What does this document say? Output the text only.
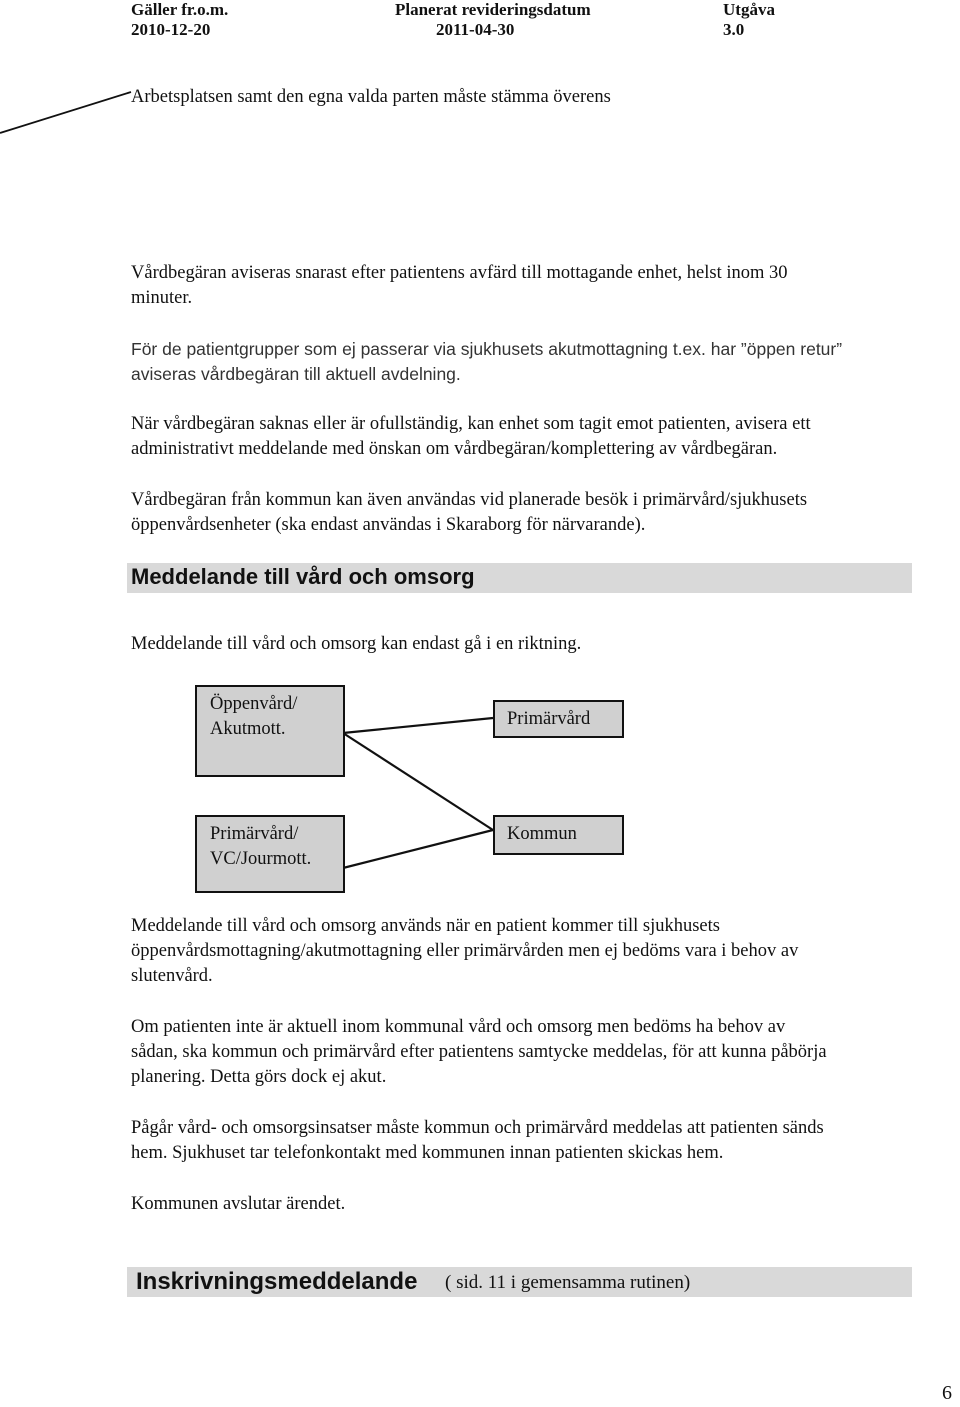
Gäller fr.o.m.
2010-12-20
Planerat revideringsdatum
2011-04-30
Utgåva
3.0
Arbetsplatsen samt den egna valda parten måste stämma överens
Vårdbegäran aviseras snarast efter patientens avfärd till mottagande enhet, helst inom 30
minuter.
För de patientgrupper som ej passerar via sjukhusets akutmottagning t.ex. har ”öppen retur”
aviseras vårdbegäran till aktuell avdelning.
När vårdbegäran saknas eller är ofullständig, kan enhet som tagit emot patienten, avisera ett
administrativt meddelande med önskan om vårdbegäran/komplettering av vårdbegäran.
Vårdbegäran från kommun kan även användas vid planerade besök i primärvård/sjukhusets
öppenvårdsenheter (ska endast användas i Skaraborg för närvarande).
Meddelande till vård och omsorg
Meddelande till vård och omsorg kan endast gå i en riktning.
Öppenvård/
Akutmott.	Primärvård
Primärvård/
VC/Jourmott.
Kommun
Meddelande till vård och omsorg används när en patient kommer till sjukhusets
öppenvårdsmottagning/akutmottagning eller primärvården men ej bedöms vara i behov av
slutenvård.
Om patienten inte är aktuell inom kommunal vård och omsorg men bedöms ha behov av
sådan, ska kommun och primärvård efter patientens samtycke meddelas, för att kunna påbörja
planering. Detta görs dock ej akut.
Pågår vård- och omsorgsinsatser måste kommun och primärvård meddelas att patienten sänds
hem. Sjukhuset tar telefonkontakt med kommunen innan patienten skickas hem.
Kommunen avslutar ärendet.
Inskrivningsmeddelande ( sid. 11 i gemensamma rutinen)
6
